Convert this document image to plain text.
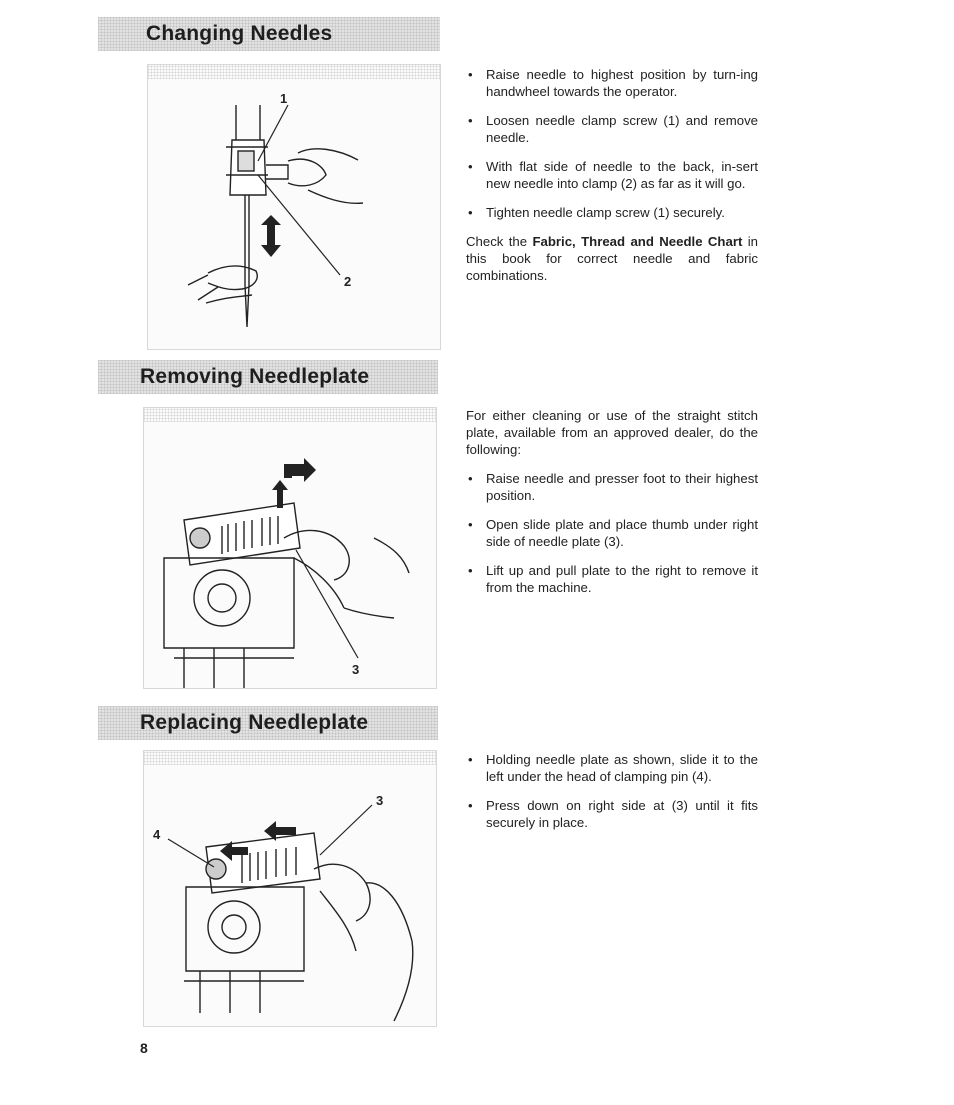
Changing Needles
1
2
• Raise needle to highest position by turn-ing handwheel towards the operator.
• Loosen needle clamp screw (1) and remove needle.
• With flat side of needle to the back, in-sert new needle into clamp (2) as far as it will go.
• Tighten needle clamp screw (1) securely.

Check the Fabric, Thread and Needle Chart in this book for correct needle and fabric combinations.

Removing Needleplate
3

For either cleaning or use of the straight stitch plate, available from an approved dealer, do the following:

• Raise needle and presser foot to their highest position.
• Open slide plate and place thumb under right side of needle plate (3).
• Lift up and pull plate to the right to remove it from the machine.
Replacing Needleplate
4
3
• Holding needle plate as shown, slide it to the left under the head of clamping pin (4).
• Press down on right side at (3) until it fits securely in place.
8
